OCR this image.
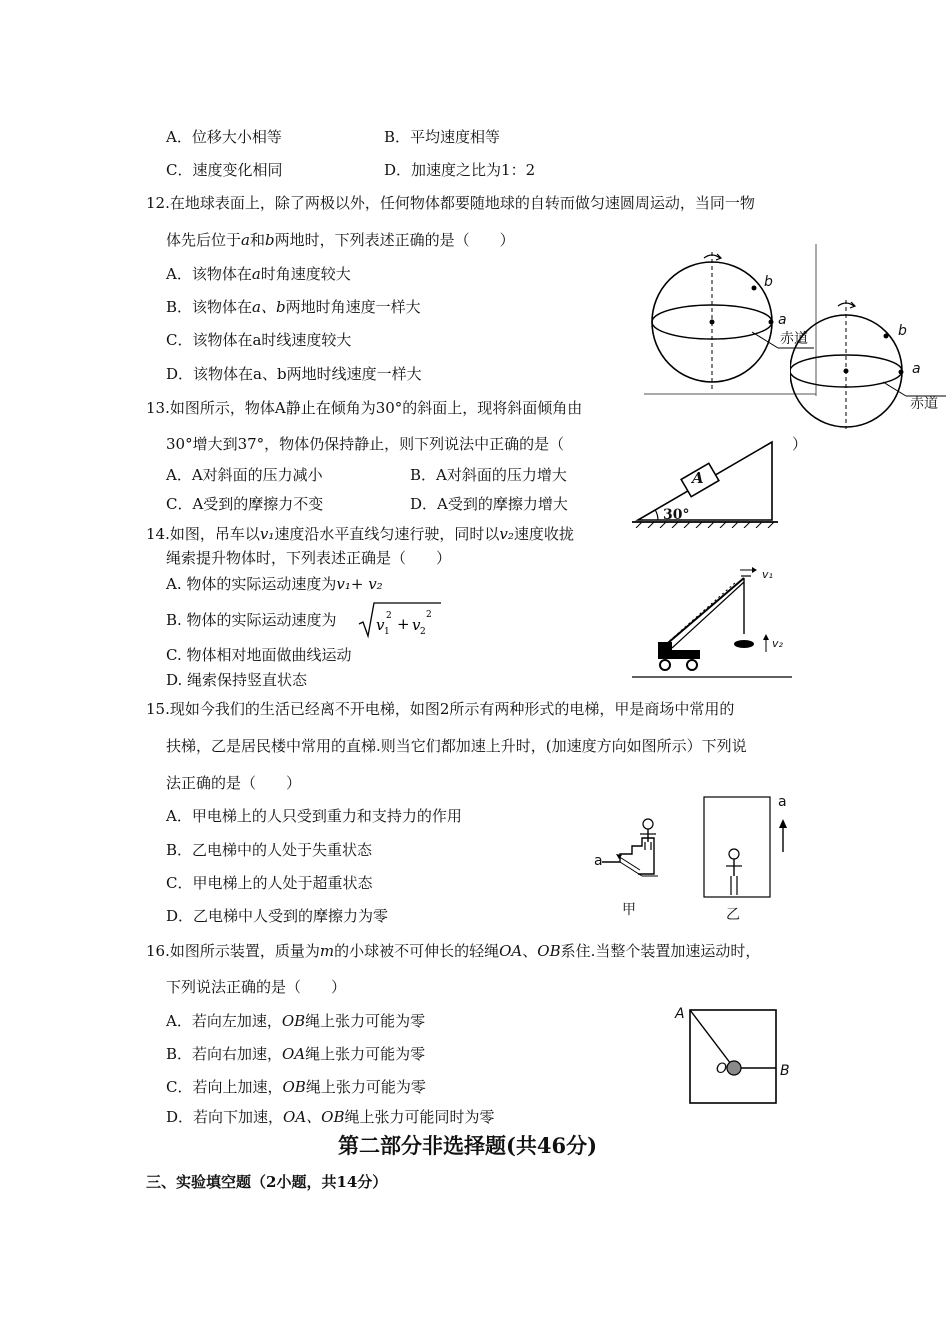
A．位移大小相等	B．平均速度相等
C．速度变化相同	D．加速度之比为1：2
12.在地球表面上，除了两极以外，任何物体都要随地球的自转而做匀速圆周运动，当同一物
体先后位于a和b两地时，下列表述正确的是（　　）
A．该物体在a时角速度较大
B．该物体在a、b两地时角速度一样大
C．该物体在a时线速度较大
D．该物体在a、b两地时线速度一样大
b
a
赤道	b
a
赤道
13.如图所示，物体A静止在倾角为30°的斜面上，现将斜面倾角由
30°增大到37°，物体仍保持静止，则下列说法中正确的是（	）
A．A对斜面的压力减小	B．A对斜面的压力增大
C．A受到的摩擦力不变	D．A受到的摩擦力增大
A
30°
14.如图，吊车以v₁速度沿水平直线匀速行驶，同时以v₂速度收拢
绳索提升物体时，下列表述正确是（　　）
A. 物体的实际运动速度为v₁+ v₂
B. 物体的实际运动速度为	v 1
2 + v 2
2
C. 物体相对地面做曲线运动
D. 绳索保持竖直状态
v₁
v₂
15.现如今我们的生活已经离不开电梯，如图2所示有两种形式的电梯，甲是商场中常用的
扶梯，乙是居民楼中常用的直梯.则当它们都加速上升时，(加速度方向如图所示）下列说
法正确的是（　　）
A．甲电梯上的人只受到重力和支持力的作用
B．乙电梯中的人处于失重状态
C．甲电梯上的人处于超重状态
D．乙电梯中人受到的摩擦力为零
a
甲
a
乙
16.如图所示装置，质量为m的小球被不可伸长的轻绳OA、OB系住.当整个装置加速运动时，
下列说法正确的是（　　）
A．若向左加速，OB绳上张力可能为零
B．若向右加速，OA绳上张力可能为零
C．若向上加速，OB绳上张力可能为零
D．若向下加速，OA、OB绳上张力可能同时为零
A
O	B
第二部分非选择题(共46分)
三、实验填空题（2小题，共14分）
